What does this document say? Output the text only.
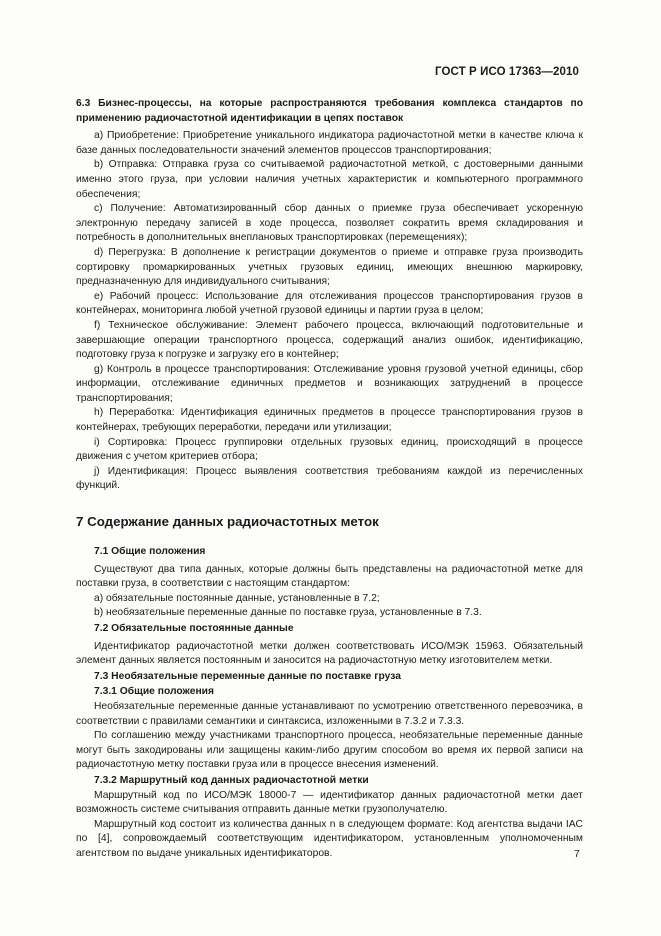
ГОСТ Р ИСО 17363—2010

6.3 Бизнес-процессы, на которые распространяются требования комплекса стандартов по применению радиочастотной идентификации в цепях поставок

а) Приобретение: Приобретение уникального индикатора радиочастотной метки в качестве ключа к базе данных последовательности значений элементов процессов транспортирования;

b) Отправка: Отправка груза со считываемой радиочастотной меткой, с достоверными данными именно этого груза, при условии наличия учетных характеристик и компьютерного программного обеспечения;

c) Получение: Автоматизированный сбор данных о приемке груза обеспечивает ускоренную электронную передачу записей в ходе процесса, позволяет сократить время складирования и потребность в дополнительных внеплановых транспортировках (перемещениях);

d) Перегрузка: В дополнение к регистрации документов о приеме и отправке груза производить сортировку промаркированных учетных грузовых единиц, имеющих внешнюю маркировку, предназначенную для индивидуального считывания;

e) Рабочий процесс: Использование для отслеживания процессов транспортирования грузов в контейнерах, мониторинга любой учетной грузовой единицы и партии груза в целом;

f) Техническое обслуживание: Элемент рабочего процесса, включающий подготовительные и завершающие операции транспортного процесса, содержащий анализ ошибок, идентификацию, подготовку груза к погрузке и загрузку его в контейнер;

g) Контроль в процессе транспортирования: Отслеживание уровня грузовой учетной единицы, сбор информации, отслеживание единичных предметов и возникающих затруднений в процессе транспортирования;

h) Переработка: Идентификация единичных предметов в процессе транспортирования грузов в контейнерах, требующих переработки, передачи или утилизации;

i) Сортировка: Процесс группировки отдельных грузовых единиц, происходящий в процессе движения с учетом критериев отбора;

j) Идентификация: Процесс выявления соответствия требованиям каждой из перечисленных функций.

7 Содержание данных радиочастотных меток

7.1 Общие положения

Существуют два типа данных, которые должны быть представлены на радиочастотной метке для поставки груза, в соответствии с настоящим стандартом:

а) обязательные постоянные данные, установленные в 7.2;

b) необязательные переменные данные по поставке груза, установленные в 7.3.

7.2 Обязательные постоянные данные

Идентификатор радиочастотной метки должен соответствовать ИСО/МЭК 15963. Обязательный элемент данных является постоянным и заносится на радиочастотную метку изготовителем метки.

7.3 Необязательные переменные данные по поставке груза

7.3.1 Общие положения

Необязательные переменные данные устанавливают по усмотрению ответственного перевозчика, в соответствии с правилами семантики и синтаксиса, изложенными в 7.3.2 и 7.3.3.

По соглашению между участниками транспортного процесса, необязательные переменные данные могут быть закодированы или защищены каким-либо другим способом во время их первой записи на радиочастотную метку поставки груза или в процессе внесения изменений.

7.3.2 Маршрутный код данных радиочастотной метки

Маршрутный код по ИСО/МЭК 18000-7 — идентификатор данных радиочастотной метки дает возможность системе считывания отправить данные метки грузополучателю.

Маршрутный код состоит из количества данных n в следующем формате: Код агентства выдачи IAC по [4], сопровождаемый соответствующим идентификатором, установленным уполномоченным агентством по выдаче уникальных идентификаторов.	7
